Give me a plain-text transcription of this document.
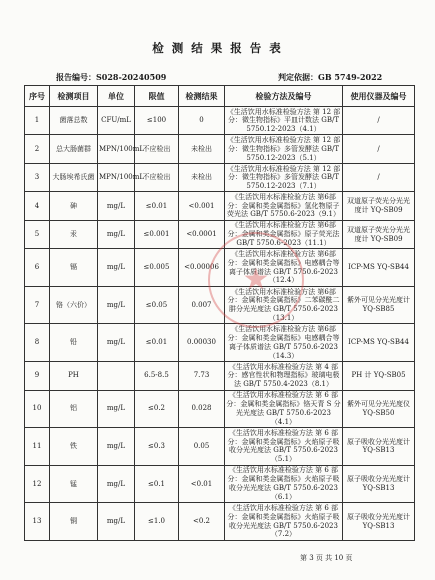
检 测 结 果 报 告 表
报告编号：S028-20240509	判定依据：GB 5749-2022
序号	检测项目	单位	限值	检测结果	检验方法及编号	使用仪器及编号
1	菌落总数	CFU/mL	≤100	0	《生活饮用水标准检验方法 第 12 部分：微生物指标》平皿计数法 GB/T 5750.12-2023（4.1）	/
2	总大肠菌群	MPN/100mL	不应检出	未检出	《生活饮用水标准检验方法 第 12 部分：微生物指标》多管发酵法 GB/T 5750.12-2023（5.1）	/
3	大肠埃希氏菌	MPN/100mL	不应检出	未检出	《生活饮用水标准检验方法 第 12 部分：微生物指标》多管发酵法 GB/T 5750.12-2023（7.1）	/
4	砷	mg/L	≤0.01	<0.001	《生活饮用水标准检验方法 第6部分：金属和类金属指标》氢化物原子荧光法 GB/T 5750.6-2023（9.1）	双道原子荧光分光光度计 YQ-SB09
5	汞	mg/L	≤0.001	<0.0001	《生活饮用水标准检验方法 第6部分：金属和类金属指标》原子荧光法 GB/T 5750.6-2023（11.1）	双道原子荧光分光光度计 YQ-SB09
6	镉	mg/L	≤0.005	<0.00006	《生活饮用水标准检验方法 第6部分：金属和类金属指标》电感耦合等离子体质谱法 GB/T 5750.6-2023（12.4）	ICP-MS YQ-SB44
7	铬（六价）	mg/L	≤0.05	0.007	《生活饮用水标准检验方法 第6部分：金属和类金属指标》二苯碳酰二肼分光光度法 GB/T 5750.6-2023（13.1）	紫外可见分光光度计 YQ-SB85
8	铅	mg/L	≤0.01	0.00030	《生活饮用水标准检验方法 第6部分：金属和类金属指标》电感耦合等离子体质谱法 GB/T 5750.6-2023（14.3）	ICP-MS YQ-SB44
9	PH		6.5-8.5	7.73	《生活饮用水标准检验方法 第 4 部分：感官性状和物理指标》玻璃电极法 GB/T 5750.4-2023（8.1）	PH 计 YQ-SB05
10	铝	mg/L	≤0.2	0.028	《生活饮用水标准检验方法 第 6 部分：金属和类金属指标》铬天青 S 分光光度法 GB/T 5750.6-2023（4.1）	紫外可见分光光度仪 YQ-SB50
11	铁	mg/L	≤0.3	0.05	《生活饮用水标准检验方法 第 6 部分：金属和类金属指标》火焰原子吸收分光光度法 GB/T 5750.6-2023（5.1）	原子吸收分光光度计 YQ-SB13
12	锰	mg/L	≤0.1	<0.01	《生活饮用水标准检验方法 第 6 部分：金属和类金属指标》火焰原子吸收分光光度法 GB/T 5750.6-2023（6.1）	原子吸收分光光度计 YQ-SB13
13	铜	mg/L	≤1.0	<0.2	《生活饮用水标准检验方法 第 6 部分：金属和类金属指标》火焰原子吸收分光光度法 GB/T 5750.6-2023（7.2）	原子吸收分光光度计 YQ-SB13
★
第 3 页 共 10 页
